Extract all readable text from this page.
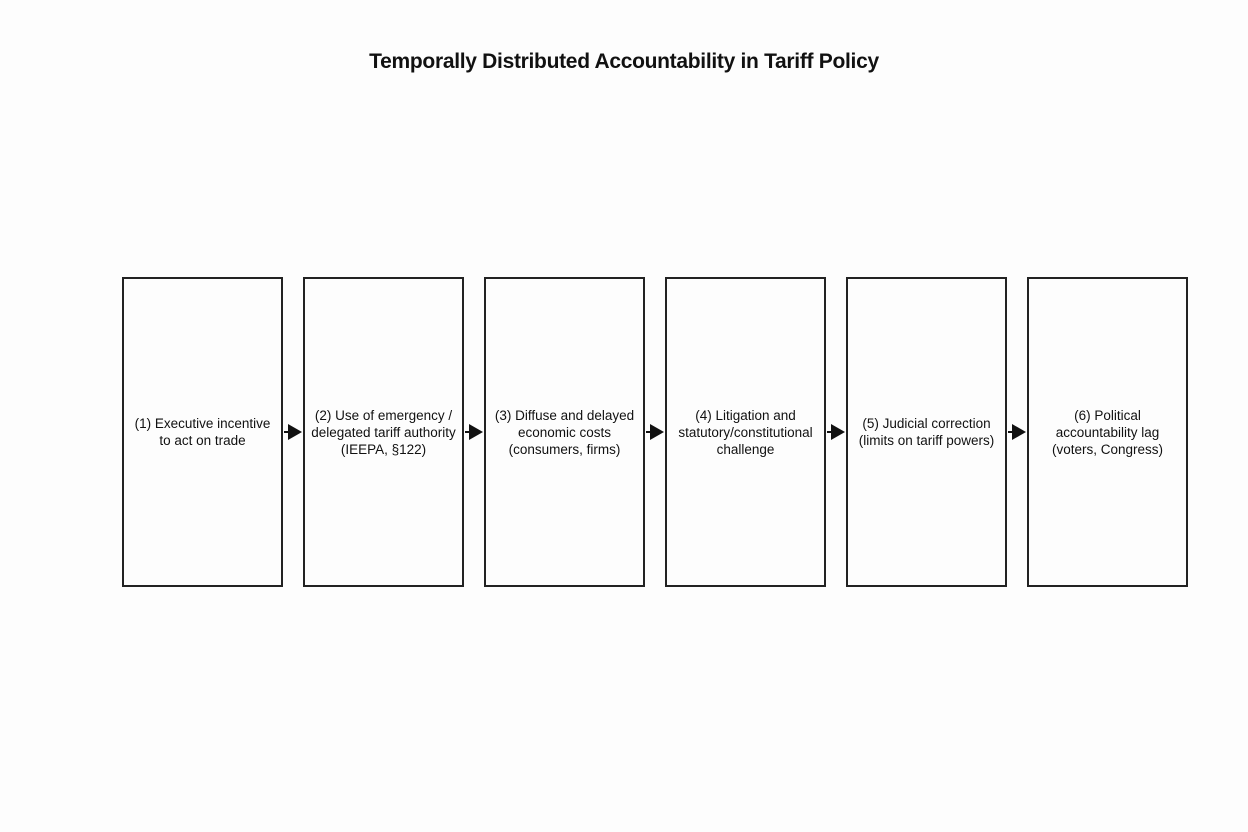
Temporally Distributed Accountability in Tariff Policy
(1) Executive incentive to act on trade
(2) Use of emergency / delegated tariff authority (IEEPA, §122)
(3) Diffuse and delayed economic costs (consumers, firms)
(4) Litigation and statutory/constitutional challenge
(5) Judicial correction (limits on tariff powers)
(6) Political accountability lag (voters, Congress)
